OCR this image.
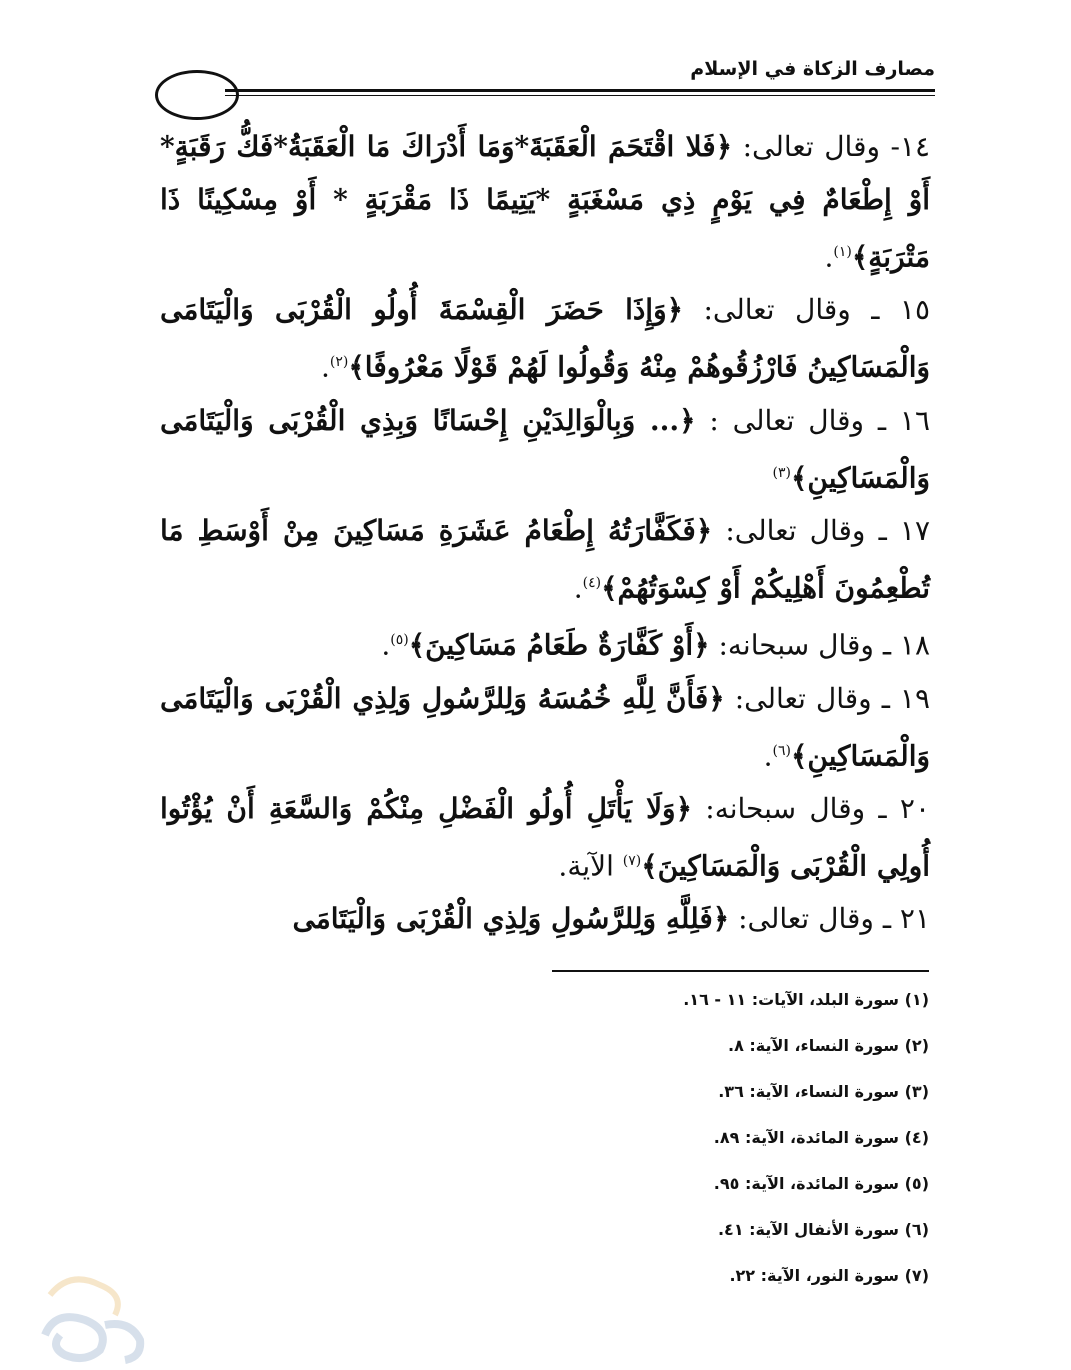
مصارف الزكاة في الإسلام
١٤- وقال تعالى: ﴿فَلا اقْتَحَمَ الْعَقَبَةَ*وَمَا أَدْرَاكَ مَا الْعَقَبَةُ*فَكُّ رَقَبَةٍ* أَوْ إِطْعَامٌ فِي يَوْمٍ ذِي مَسْغَبَةٍ *يَتِيمًا ذَا مَقْرَبَةٍ * أَوْ مِسْكِينًا ذَا مَتْرَبَةٍ﴾$^{(١)}$.
١٥ ـ وقال تعالى: ﴿وَإِذَا حَضَرَ الْقِسْمَةَ أُولُو الْقُرْبَى وَالْيَتَامَى وَالْمَسَاكِينُ فَارْزُقُوهُمْ مِنْهُ وَقُولُوا لَهُمْ قَوْلًا مَعْرُوفًا﴾$^{(٢)}$.
١٦ ـ وقال تعالى : ﴿... وَبِالْوَالِدَيْنِ إِحْسَانًا وَبِذِي الْقُرْبَى وَالْيَتَامَى وَالْمَسَاكِينِ﴾$^{(٣)}$
١٧ ـ وقال تعالى: ﴿فَكَفَّارَتُهُ إِطْعَامُ عَشَرَةِ مَسَاكِينَ مِنْ أَوْسَطِ مَا تُطْعِمُونَ أَهْلِيكُمْ أَوْ كِسْوَتُهُمْ﴾$^{(٤)}$.
١٨ ـ وقال سبحانه: ﴿أَوْ كَفَّارَةٌ طَعَامُ مَسَاكِينَ﴾$^{(٥)}$.
١٩ ـ وقال تعالى: ﴿فَأَنَّ لِلَّهِ خُمُسَهُ وَلِلرَّسُولِ وَلِذِي الْقُرْبَى وَالْيَتَامَى وَالْمَسَاكِينِ﴾$^{(٦)}$.
٢٠ ـ وقال سبحانه: ﴿وَلَا يَأْتَلِ أُولُو الْفَضْلِ مِنْكُمْ وَالسَّعَةِ أَنْ يُؤْتُوا أُولِي الْقُرْبَى وَالْمَسَاكِينَ﴾$^{(٧)}$ الآية.
٢١ ـ وقال تعالى: ﴿فَلِلَّهِ وَلِلرَّسُولِ وَلِذِي الْقُرْبَى وَالْيَتَامَى
(١) سورة البلد، الآيات: ١١ - ١٦.
(٢) سورة النساء، الآية: ٨.
(٣) سورة النساء، الآية: ٣٦.
(٤) سورة المائدة، الآية: ٨٩.
(٥) سورة المائدة، الآية: ٩٥.
(٦) سورة الأنفال الآية: ٤١.
(٧) سورة النور، الآية: ٢٢.
